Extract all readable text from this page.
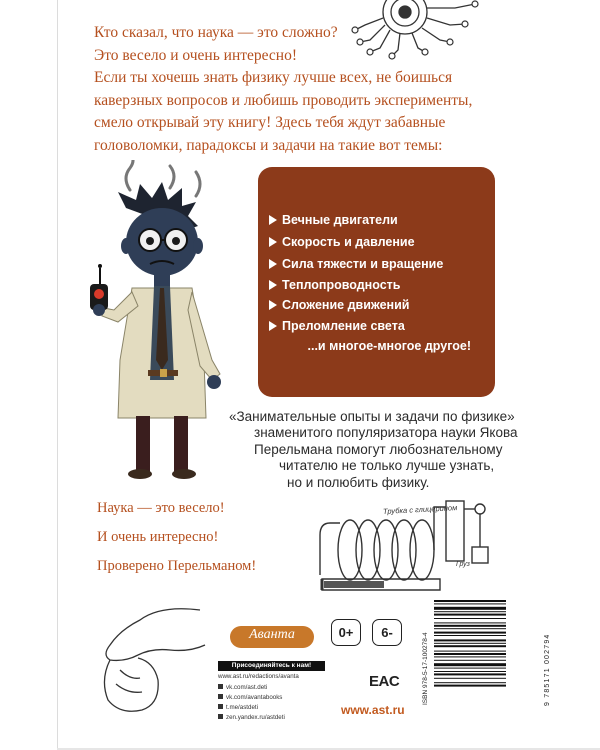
Кто сказал, что наука — это сложно?
Это весело и очень интересно!
Если ты хочешь знать физику лучше всех, не боишься
каверзных вопросов и любишь проводить эксперименты,
смело открывай эту книгу! Здесь тебя ждут забавные
головоломки, парадоксы и задачи на такие вот темы:
Вечные двигатели
Скорость и давление
Сила тяжести и вращение
Теплопроводность
Сложение движений
Преломление света
...и многое-многое другое!
«Занимательные опыты и задачи по физике»
знаменитого популяризатора науки Якова
Перельмана помогут любознательному
читателю не только лучше узнать,
но и полюбить физику.
Наука — это весело!
И очень интересно!
Проверено Перельманом!
Трубка с глицерином
Груз
Аванта
Присоединяйтесь к нам!
www.ast.ru/redactions/avanta
vk.com/ast.deti
vk.com/avantabooks
t.me/astdeti
zen.yandex.ru/astdeti
0+	6-
EAC
www.ast.ru
ISBN 978-5-17-100278-4	9 785171 002794
